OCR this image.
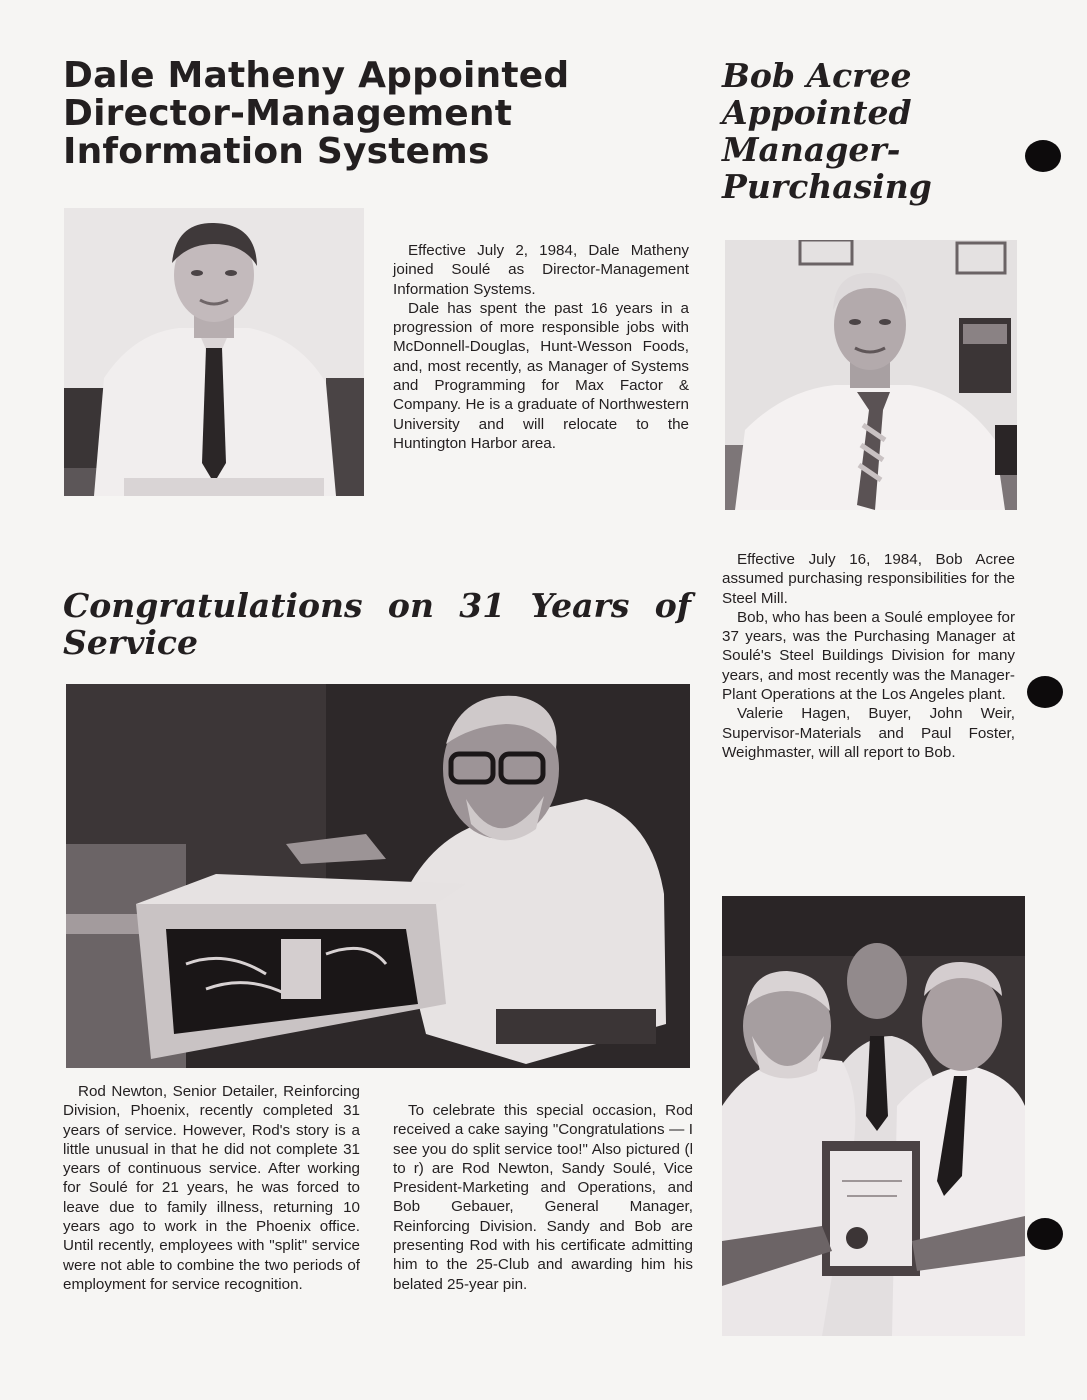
Dale Matheny Appointed Director-Management Information Systems
Bob Acree Appointed Manager-Purchasing

Effective July 2, 1984, Dale Matheny joined Soulé as Director-Management Information Systems.

Dale has spent the past 16 years in a progression of more responsible jobs with McDonnell-Douglas, Hunt-Wesson Foods, and, most recently, as Manager of Systems and Programming for Max Factor & Company. He is a graduate of Northwestern University and will relocate to the Huntington Harbor area.

Effective July 16, 1984, Bob Acree assumed purchasing responsibilities for the Steel Mill.

Bob, who has been a Soulé employee for 37 years, was the Purchasing Manager at Soulé's Steel Buildings Division for many years, and most recently was the Manager-Plant Operations at the Los Angeles plant.

Valerie Hagen, Buyer, John Weir, Supervisor-Materials and Paul Foster, Weighmaster, will all report to Bob.

Congratulations on 31 Years of Service

Rod Newton, Senior Detailer, Reinforcing Division, Phoenix, recently completed 31 years of service. However, Rod's story is a little unusual in that he did not complete 31 years of continuous service. After working for Soulé for 21 years, he was forced to leave due to family illness, returning 10 years ago to work in the Phoenix office. Until recently, employees with "split" service were not able to combine the two periods of employment for service recognition.

To celebrate this special occasion, Rod received a cake saying "Congratulations — I see you do split service too!" Also pictured (l to r) are Rod Newton, Sandy Soulé, Vice President-Marketing and Operations, and Bob Gebauer, General Manager, Reinforcing Division. Sandy and Bob are presenting Rod with his certificate admitting him to the 25-Club and awarding him his belated 25-year pin.
